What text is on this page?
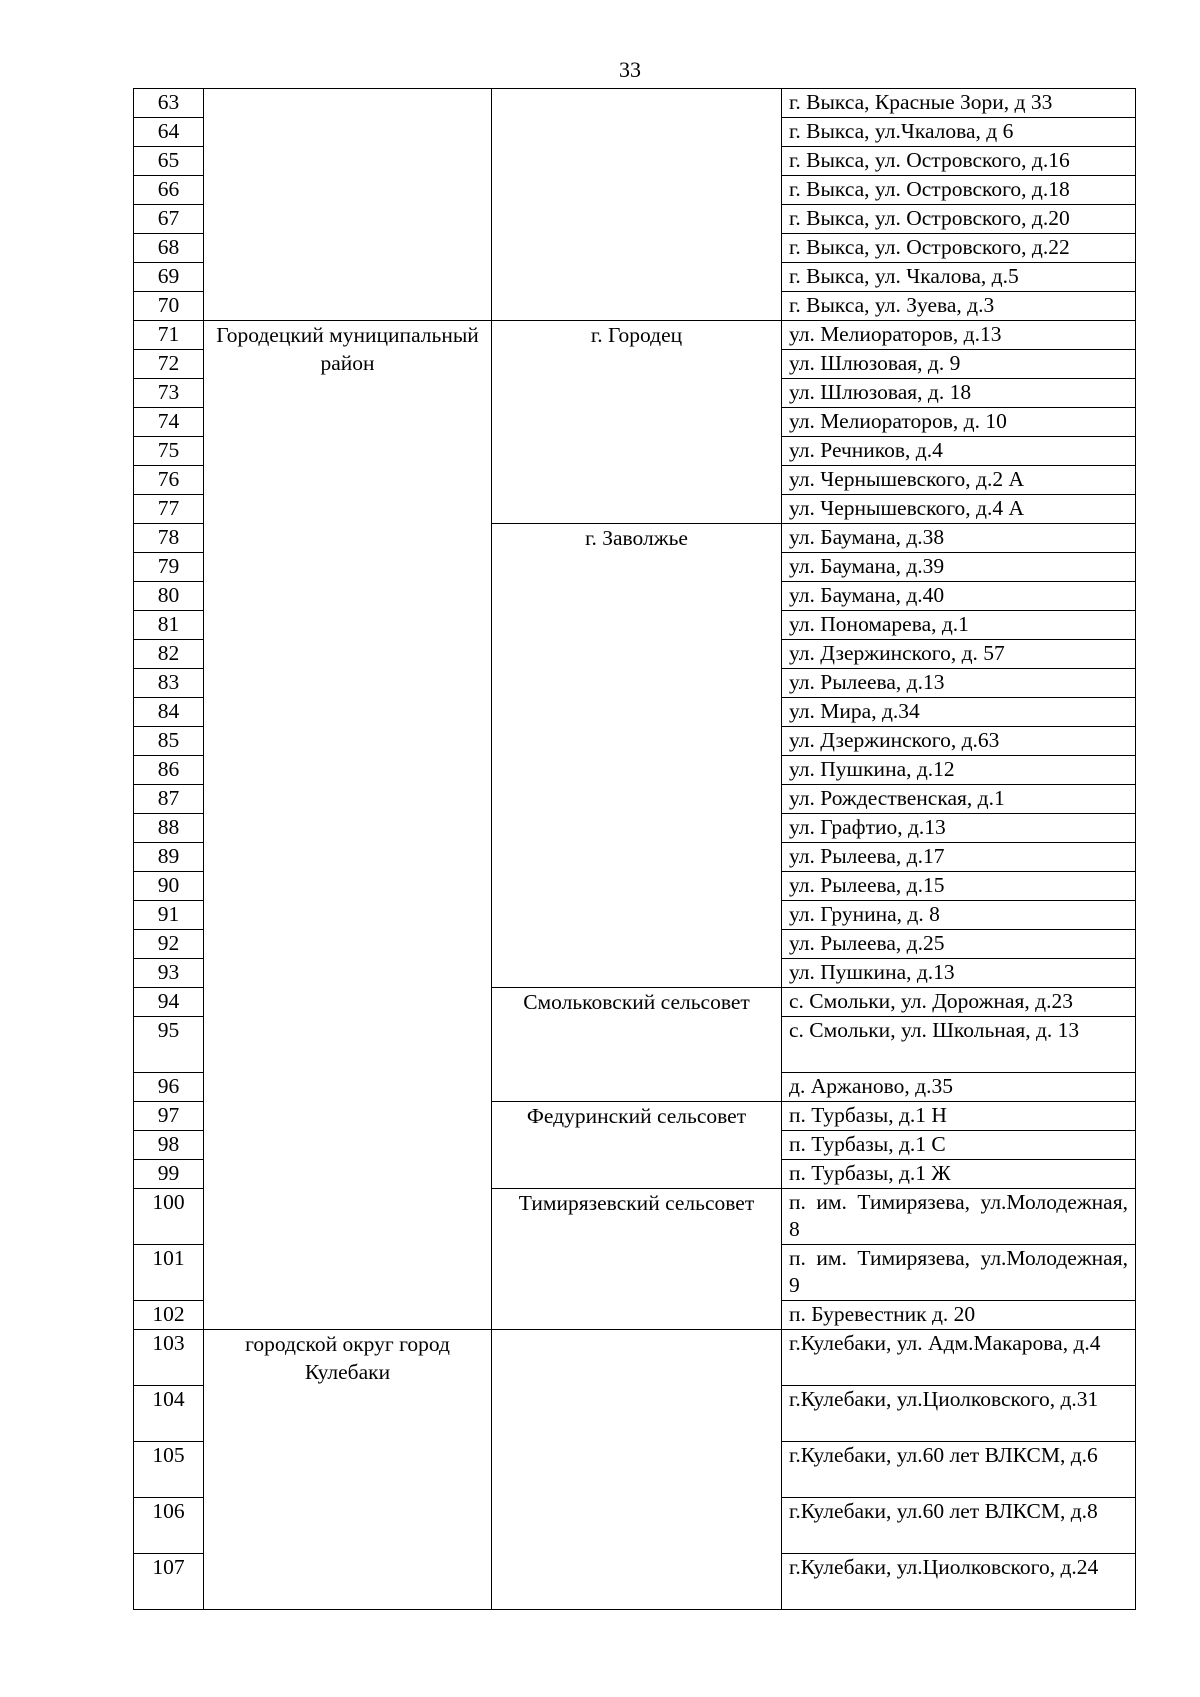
33
63			г. Выкса, Красные Зори, д 33
64			г. Выкса, ул.Чкалова, д 6
65			г. Выкса, ул. Островского, д.16
66			г. Выкса, ул. Островского, д.18
67			г. Выкса, ул. Островского, д.20
68			г. Выкса, ул. Островского, д.22
69			г. Выкса, ул. Чкалова, д.5
70			г. Выкса, ул. Зуева, д.3
71	Городецкий муниципальный район	г. Городец	ул. Мелиораторов, д.13
72			ул. Шлюзовая, д. 9
73			ул. Шлюзовая, д. 18
74			ул. Мелиораторов, д. 10
75			ул. Речников, д.4
76			ул. Чернышевского, д.2 А
77			ул. Чернышевского, д.4 А
78		г. Заволжье	ул. Баумана, д.38
79			ул. Баумана, д.39
80			ул. Баумана, д.40
81			ул. Пономарева, д.1
82			ул. Дзержинского, д. 57
83			ул. Рылеева, д.13
84			ул. Мира, д.34
85			ул. Дзержинского, д.63
86			ул. Пушкина, д.12
87			ул. Рождественская, д.1
88			ул. Графтио, д.13
89			ул. Рылеева, д.17
90			ул. Рылеева, д.15
91			ул. Грунина, д. 8
92			ул. Рылеева, д.25
93			ул. Пушкина, д.13
94		Смольковский сельсовет	с. Смольки, ул. Дорожная, д.23
95			с. Смольки, ул. Школьная, д. 13
96			д. Аржаново, д.35
97		Федуринский сельсовет	п. Турбазы, д.1 Н
98			п. Турбазы, д.1 С
99			п. Турбазы, д.1 Ж
100		Тимирязевский сельсовет	п. им. Тимирязева, ул.Молодежная, 8
101			п. им. Тимирязева, ул.Молодежная, 9
102			п. Буревестник д. 20
103	городской округ город Кулебаки		г.Кулебаки, ул. Адм.Макарова, д.4
104			г.Кулебаки, ул.Циолковского, д.31
105			г.Кулебаки, ул.60 лет ВЛКСМ, д.6
106			г.Кулебаки, ул.60 лет ВЛКСМ, д.8
107			г.Кулебаки, ул.Циолковского, д.24
